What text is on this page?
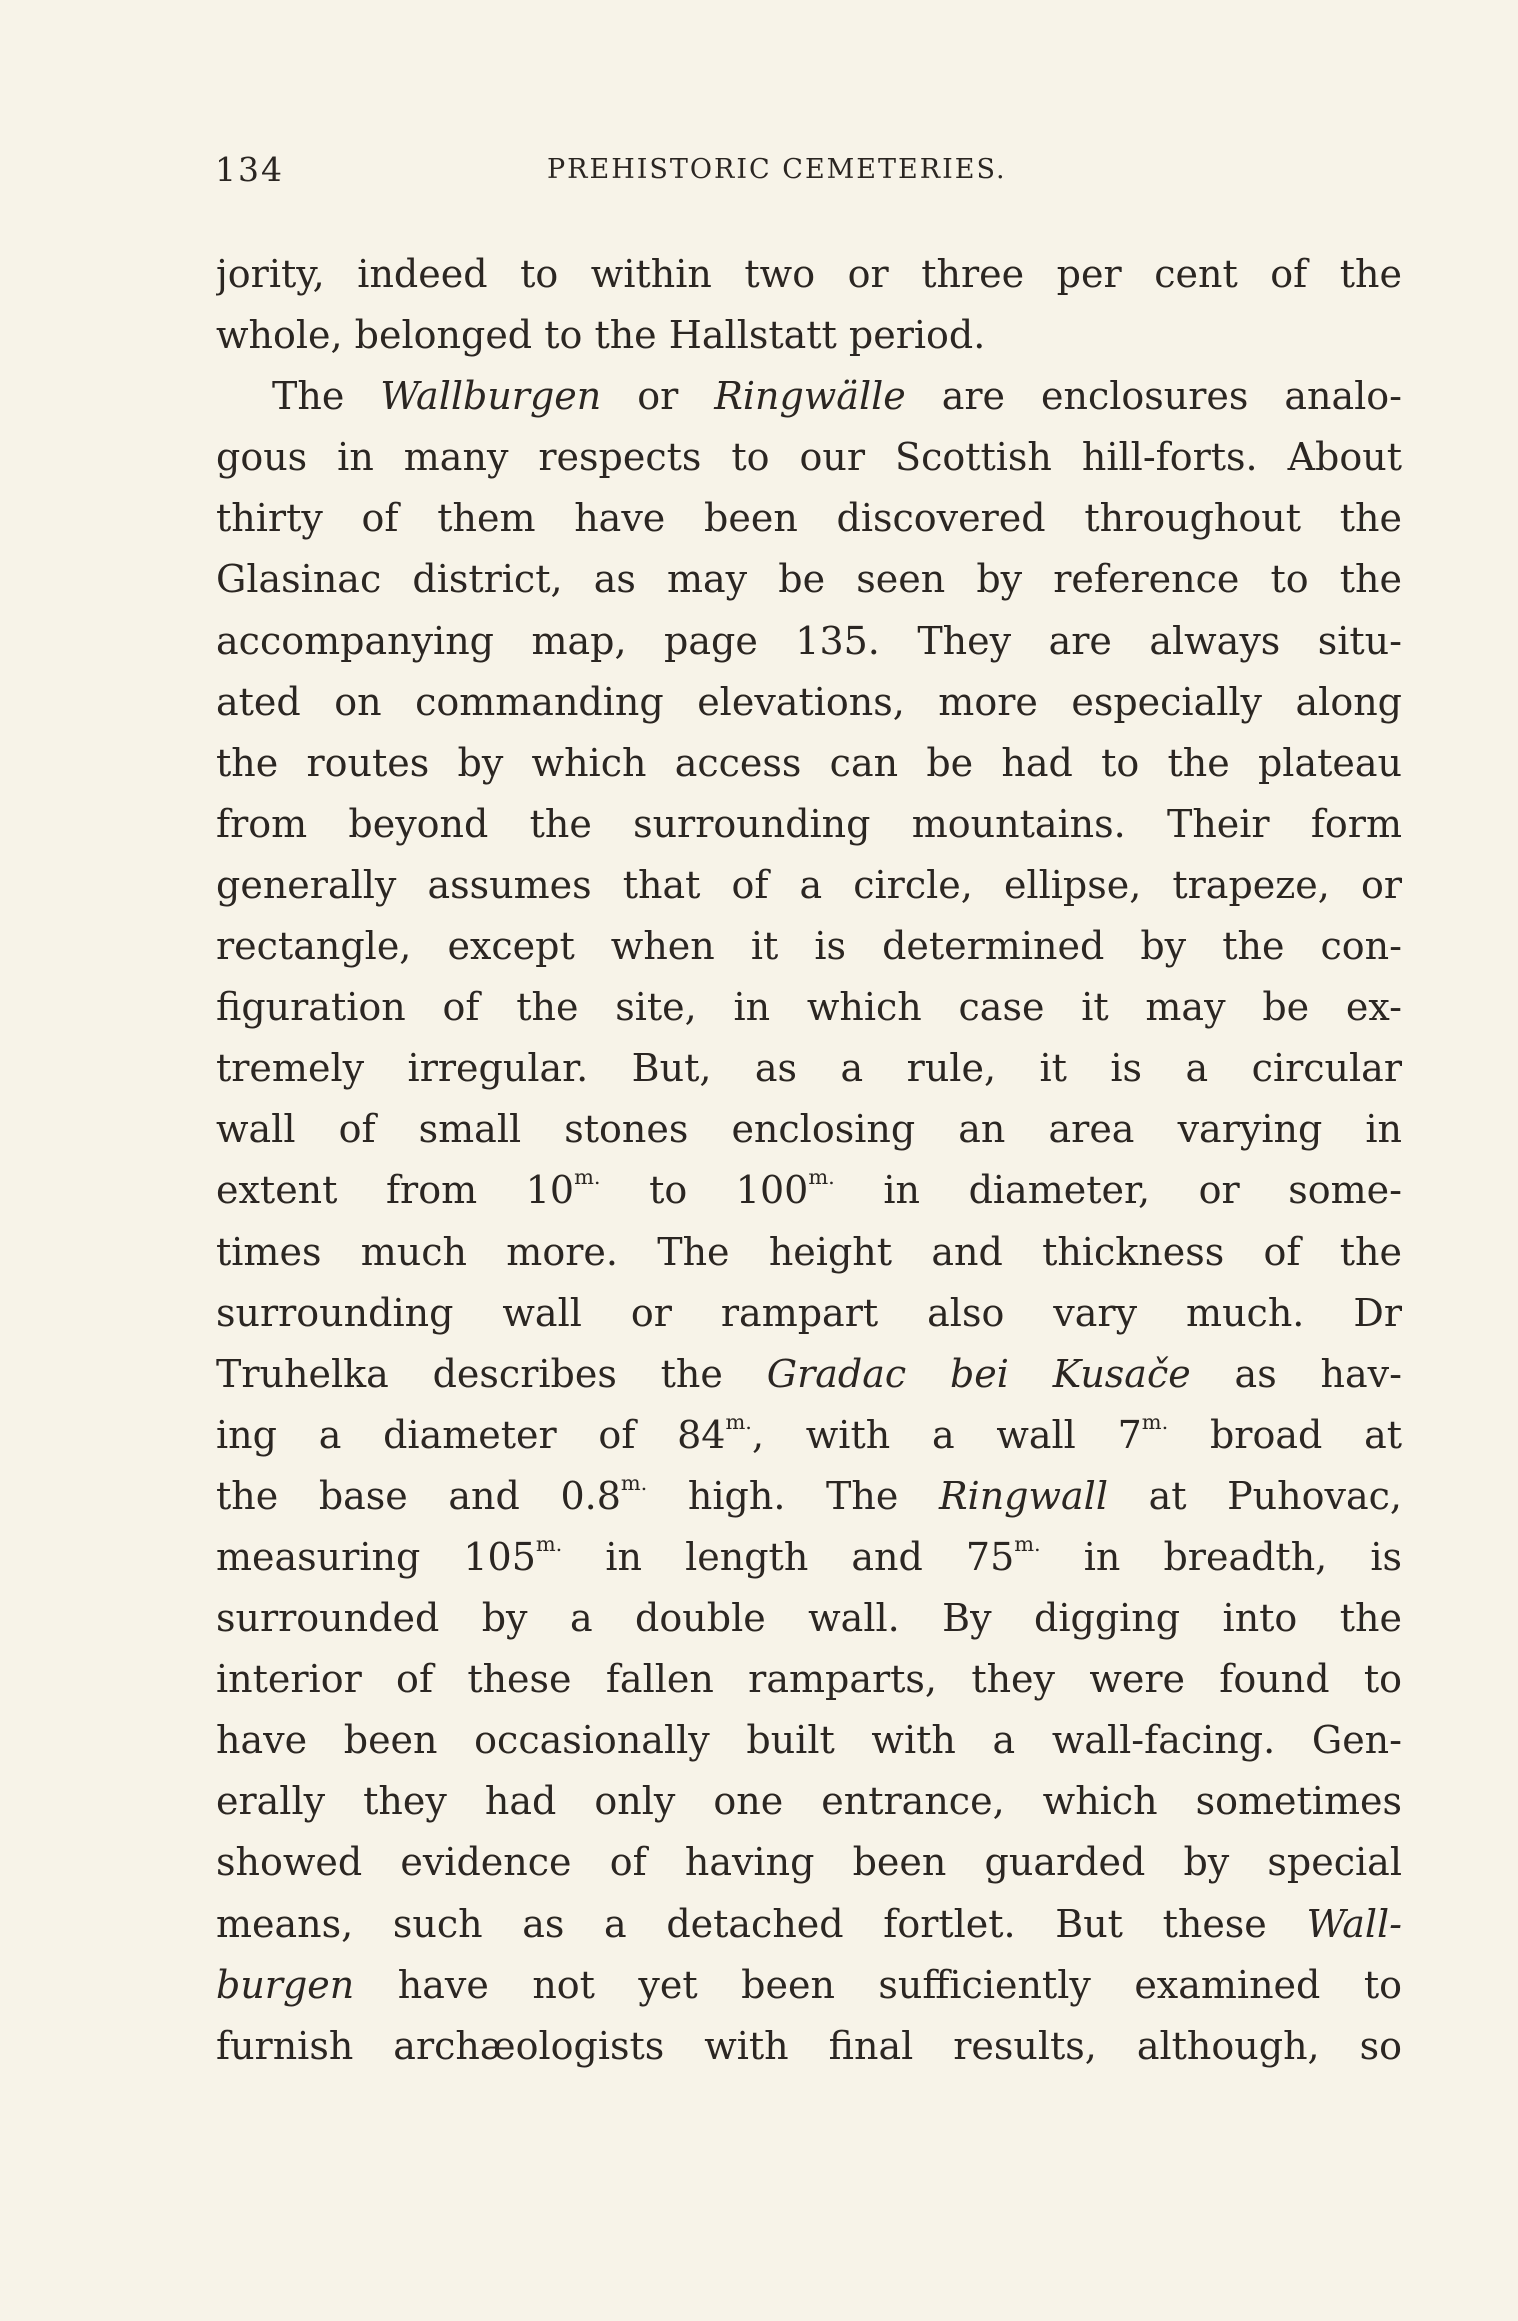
134	PREHISTORIC CEMETERIES.
jority, indeed to within two or three per cent of the
whole, belonged to the Hallstatt period.
The Wallburgen or Ringwälle are enclosures analo-
gous in many respects to our Scottish hill-forts. About
thirty of them have been discovered throughout the
Glasinac district, as may be seen by reference to the
accompanying map, page 135. They are always situ-
ated on commanding elevations, more especially along
the routes by which access can be had to the plateau
from beyond the surrounding mountains. Their form
generally assumes that of a circle, ellipse, trapeze, or
rectangle, except when it is determined by the con-
figuration of the site, in which case it may be ex-
tremely irregular. But, as a rule, it is a circular
wall of small stones enclosing an area varying in
extent from $10^{m.}$ to $100^{m.}$ in diameter, or some-
times much more. The height and thickness of the
surrounding wall or rampart also vary much. Dr
Truhelka describes the Gradac bei Kusače as hav-
ing a diameter of $84^{m.}$, with a wall $7^{m.}$ broad at
the base and $0.8^{m.}$ high. The Ringwall at Puhovac,
measuring $105^{m.}$ in length and $75^{m.}$ in breadth, is
surrounded by a double wall. By digging into the
interior of these fallen ramparts, they were found to
have been occasionally built with a wall-facing. Gen-
erally they had only one entrance, which sometimes
showed evidence of having been guarded by special
means, such as a detached fortlet. But these Wall-
burgen have not yet been sufficiently examined to
furnish archæologists with final results, although, so
